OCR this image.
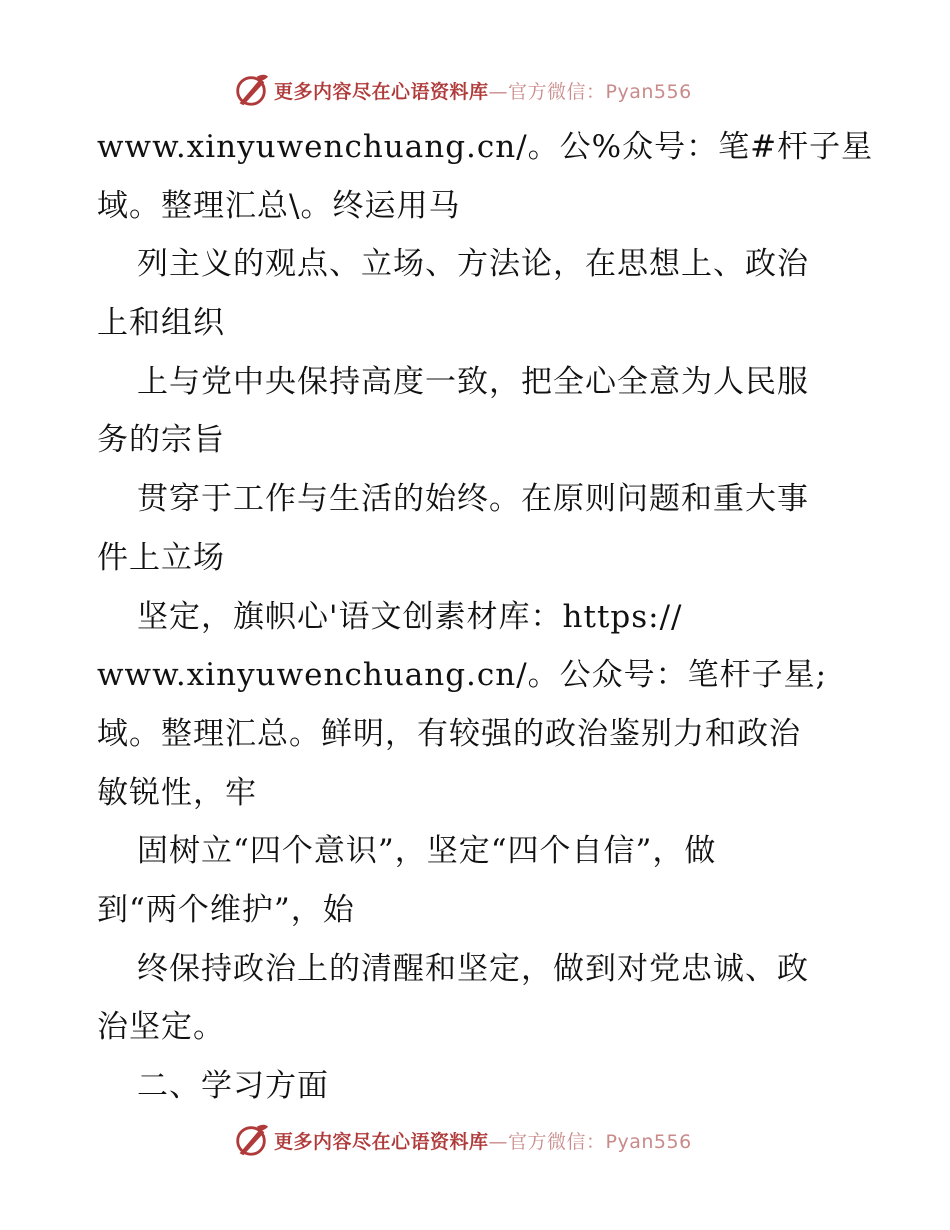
更多内容尽在心语资料库—官方微信：Pyan556
www.xinyuwenchuang.cn/。公%众号：笔#杆子星
域。整理汇总\。终运用马
列主义的观点、立场、方法论，在思想上、政治
上和组织
上与党中央保持高度一致，把全心全意为人民服
务的宗旨
贯穿于工作与生活的始终。在原则问题和重大事
件上立场
坚定，旗帜心'语文创素材库：https://
www.xinyuwenchuang.cn/。公众号：笔杆子星;
域。整理汇总。鲜明，有较强的政治鉴别力和政治
敏锐性，牢
固树立“四个意识”，坚定“四个自信”，做
到“两个维护”，始
终保持政治上的清醒和坚定，做到对党忠诚、政
治坚定。
二、学习方面
更多内容尽在心语资料库—官方微信：Pyan556
